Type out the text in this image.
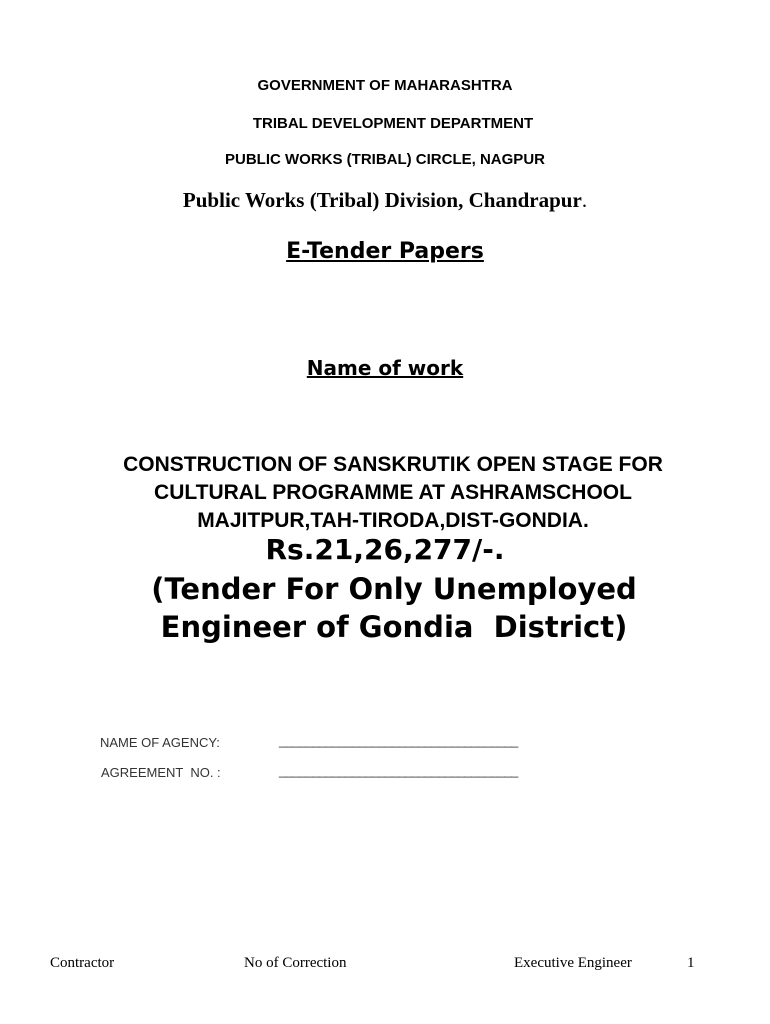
GOVERNMENT OF MAHARASHTRA
TRIBAL DEVELOPMENT DEPARTMENT
PUBLIC WORKS (TRIBAL) CIRCLE, NAGPUR
Public Works (Tribal) Division, Chandrapur.
E-Tender Papers
Name of work
CONSTRUCTION OF SANSKRUTIK OPEN STAGE FOR
CULTURAL PROGRAMME AT ASHRAMSCHOOL
MAJITPUR,TAH-TIRODA,DIST-GONDIA.
Rs.21,26,277/-.
(Tender For Only Unemployed
Engineer of Gondia  District)
NAME OF AGENCY:	____________________________________
AGREEMENT  NO. :	____________________________________
Contractor	No of Correction	Executive Engineer	1
